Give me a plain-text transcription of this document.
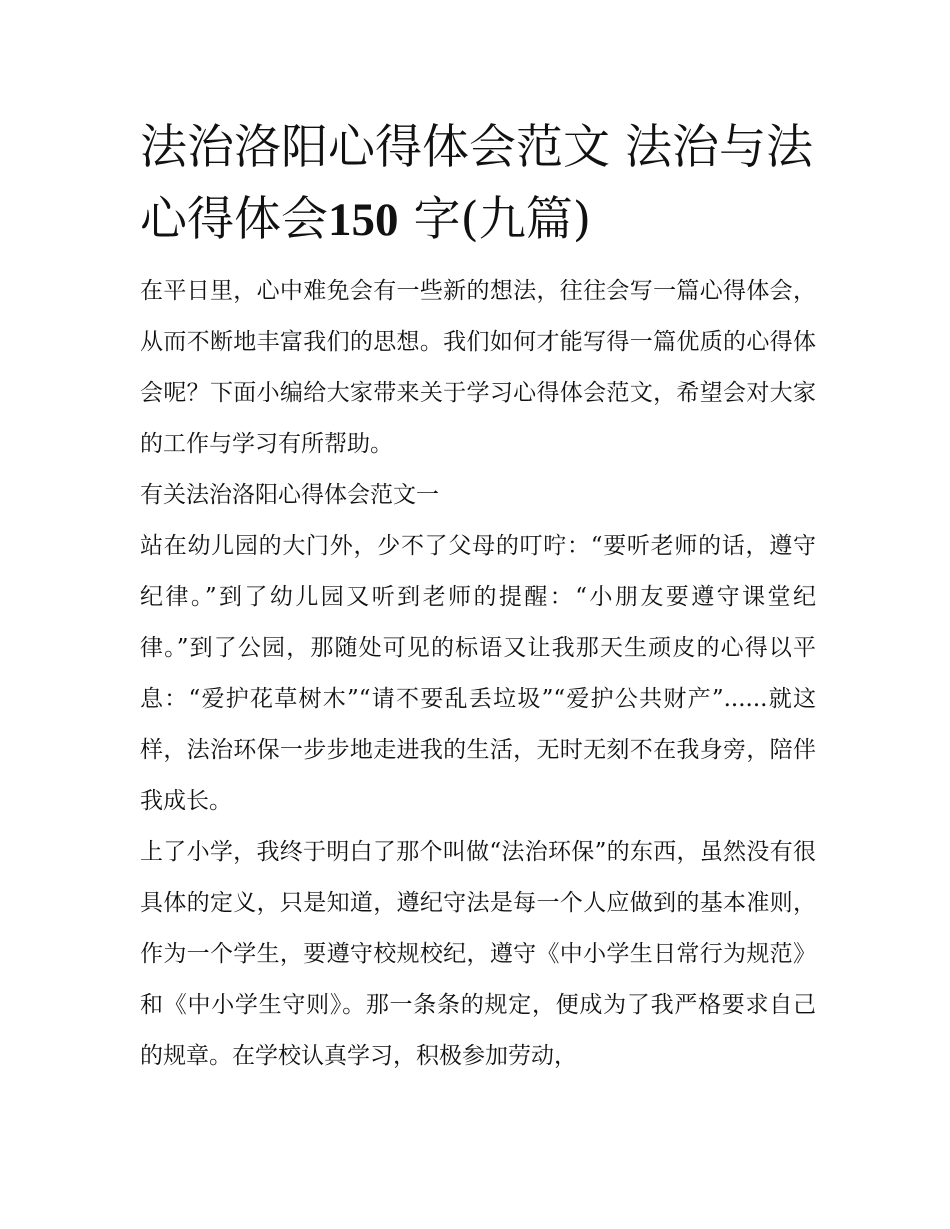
法治洛阳心得体会范文 法治与法心得体会150 字(九篇)

在平日里，心中难免会有一些新的想法，往往会写一篇心得体会，从而不断地丰富我们的思想。我们如何才能写得一篇优质的心得体会呢？下面小编给大家带来关于学习心得体会范文，希望会对大家的工作与学习有所帮助。

有关法治洛阳心得体会范文一

站在幼儿园的大门外，少不了父母的叮咛：“要听老师的话，遵守纪律。”到了幼儿园又听到老师的提醒：“小朋友要遵守课堂纪律。”到了公园，那随处可见的标语又让我那天生顽皮的心得以平息：“爱护花草树木”“请不要乱丢垃圾”“爱护公共财产”......就这样，法治环保一步步地走进我的生活，无时无刻不在我身旁，陪伴我成长。

上了小学，我终于明白了那个叫做“法治环保”的东西，虽然没有很具体的定义，只是知道，遵纪守法是每一个人应做到的基本准则，作为一个学生，要遵守校规校纪，遵守《中小学生日常行为规范》和《中小学生守则》。那一条条的规定，便成为了我严格要求自己的规章。在学校认真学习，积极参加劳动，
